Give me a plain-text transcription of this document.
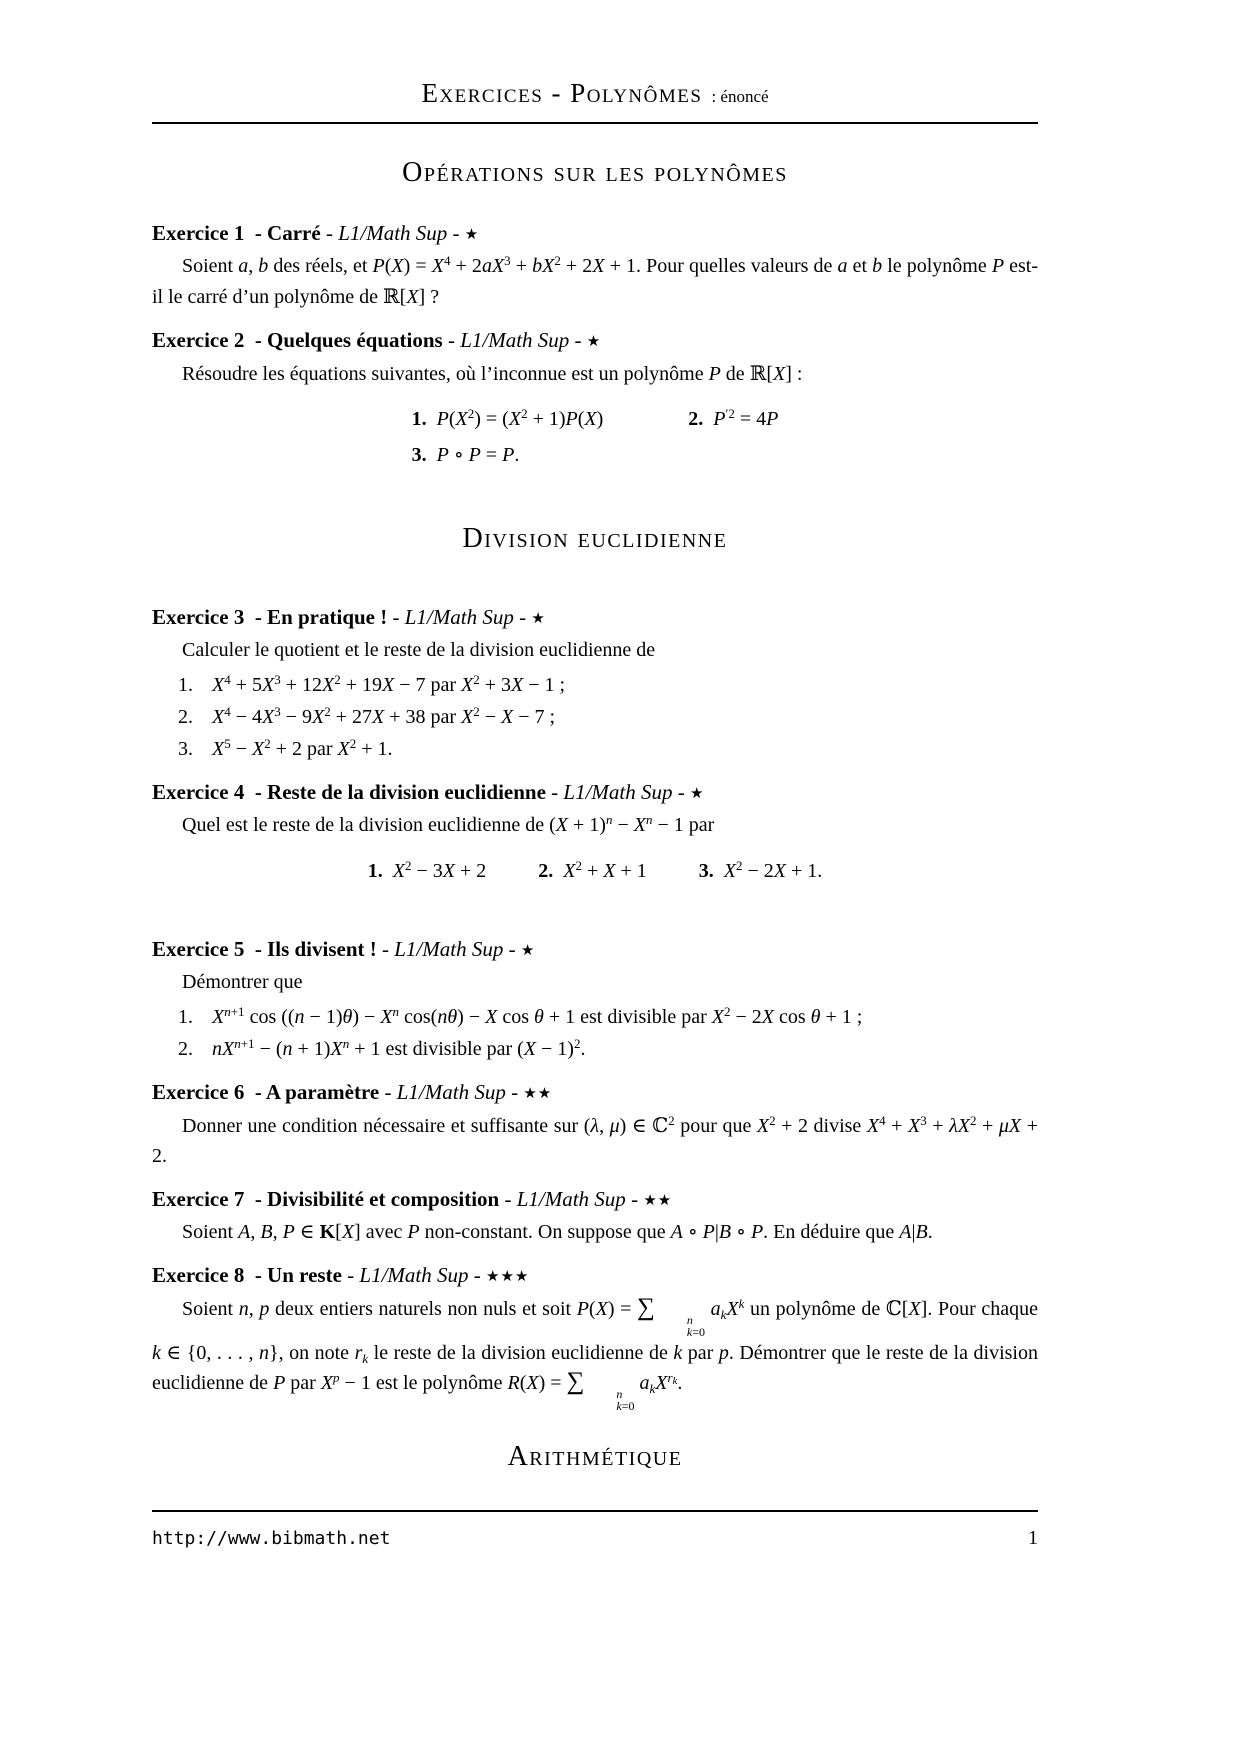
Exercices - Polynômes : énoncé
Opérations sur les polynômes
Exercice 1 - Carré - L1/Math Sup - ★

Soient a, b des réels, et $P(X) = X^4 + 2aX^3 + bX^2 + 2X + 1$. Pour quelles valeurs de a et b le polynôme P est-il le carré d’un polynôme de ℝ[X] ?

Exercice 2 - Quelques équations - L1/Math Sup - ★

Résoudre les équations suivantes, où l’inconnue est un polynôme P de ℝ[X] :

1. $P(X^2) = (X^2 + 1)P(X)$	2. $P^{'2} = 4P$
3. P ∘ P = P.
Division euclidienne
Exercice 3 - En pratique ! - L1/Math Sup - ★

Calculer le quotient et le reste de la division euclidienne de

1. $X^4 + 5X^3 + 12X^2 + 19X - 7$ par $X^2 + 3X - 1$ ;
2. $X^4 - 4X^3 - 9X^2 + 27X + 38$ par $X^2 - X - 7$ ;
3. $X^5 - X^2 + 2$ par $X^2 + 1$.
Exercice 4 - Reste de la division euclidienne - L1/Math Sup - ★

Quel est le reste de la division euclidienne de $(X + 1)^n - X^n - 1$ par

1. $X^2 - 3X + 2$	2. $X^2 + X + 1$	3. $X^2 - 2X + 1$.
Exercice 5 - Ils divisent ! - L1/Math Sup - ★

Démontrer que

1. $X^{n+1}$ $\cos ((n - 1)\theta) - X^n$ cos(nθ) − X cos θ + 1 est divisible par $X^2 - 2X$ cos θ + 1 ;
2. $nX^{n+1} - (n + 1)X^n + 1$ est divisible par $(X - 1)^2$.
Exercice 6 - A paramètre - L1/Math Sup - ★★

Donner une condition nécessaire et suffisante sur (λ, μ) ∈ ℂ$^2$ pour que $X^2 + 2$ divise $X^4 + X^3 + \lambda X^2 + \mu X + 2$.

Exercice 7 - Divisibilité et composition - L1/Math Sup - ★★

Soient A, B, P ∈ K[X] avec P non-constant. On suppose que A ∘ P|B ∘ P. En déduire que A|B.

Exercice 8 - Un reste - L1/Math Sup - ★★★

Soient n, p deux entiers naturels non nuls et soit P(X) = ∑	n
k=0
$a_kX^k$ un polynôme de ℂ[X]. Pour chaque k ∈ {0, . . . , n}, on note $r_k$ le reste de la division euclidienne de k par p. Démontrer que le reste de la division euclidienne de P par $X^p - 1$ est le polynôme R(X) = ∑	n
k=0
$a_kX^{r_k}$.

Arithmétique
http://www.bibmath.net	1
